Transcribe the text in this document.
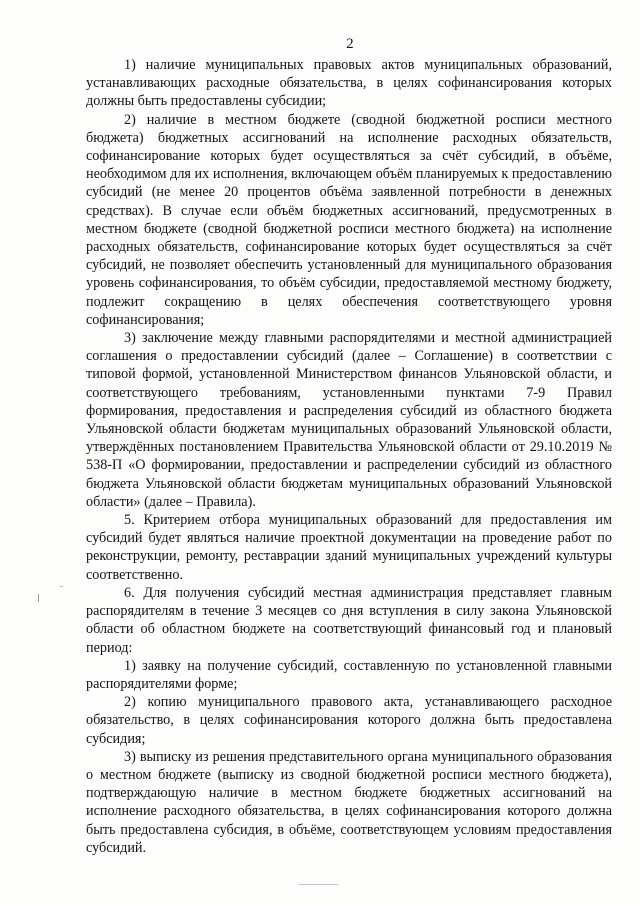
2

1) наличие муниципальных правовых актов муниципальных образований, устанавливающих расходные обязательства, в целях софинансирования которых должны быть предоставлены субсидии;

2) наличие в местном бюджете (сводной бюджетной росписи местного бюджета) бюджетных ассигнований на исполнение расходных обязательств, софинансирование которых будет осуществляться за счёт субсидий, в объёме, необходимом для их исполнения, включающем объём планируемых к предоставлению субсидий (не менее 20 процентов объёма заявленной потребности в денежных средствах). В случае если объём бюджетных ассигнований, предусмотренных в местном бюджете (сводной бюджетной росписи местного бюджета) на исполнение расходных обязательств, софинансирование которых будет осуществляться за счёт субсидий, не позволяет обеспечить установленный для муниципального образования уровень софинансирования, то объём субсидии, предоставляемой местному бюджету, подлежит сокращению в целях обеспечения соответствующего уровня софинансирования;

3) заключение между главными распорядителями и местной администрацией соглашения о предоставлении субсидий (далее – Соглашение) в соответствии с типовой формой, установленной Министерством финансов Ульяновской области, и соответствующего требованиям, установленными пунктами 7-9 Правил формирования, предоставления и распределения субсидий из областного бюджета Ульяновской области бюджетам муниципальных образований Ульяновской области, утверждённых постановлением Правительства Ульяновской области от 29.10.2019 № 538-П «О формировании, предоставлении и распределении субсидий из областного бюджета Ульяновской области бюджетам муниципальных образований Ульяновской области» (далее – Правила).

5. Критерием отбора муниципальных образований для предоставления им субсидий будет являться наличие проектной документации на проведение работ по реконструкции, ремонту, реставрации зданий муниципальных учреждений культуры соответственно.

6. Для получения субсидий местная администрация представляет главным распорядителям в течение 3 месяцев со дня вступления в силу закона Ульяновской области об областном бюджете на соответствующий финансовый год и плановый период:

1) заявку на получение субсидий, составленную по установленной главными распорядителями форме;

2) копию муниципального правового акта, устанавливающего расходное обязательство, в целях софинансирования которого должна быть предоставлена субсидия;

3) выписку из решения представительного органа муниципального образования о местном бюджете (выписку из сводной бюджетной росписи местного бюджета), подтверждающую наличие в местном бюджете бюджетных ассигнований на исполнение расходного обязательства, в целях софинансирования которого должна быть предоставлена субсидия, в объёме, соответствующем условиям предоставления субсидий.
